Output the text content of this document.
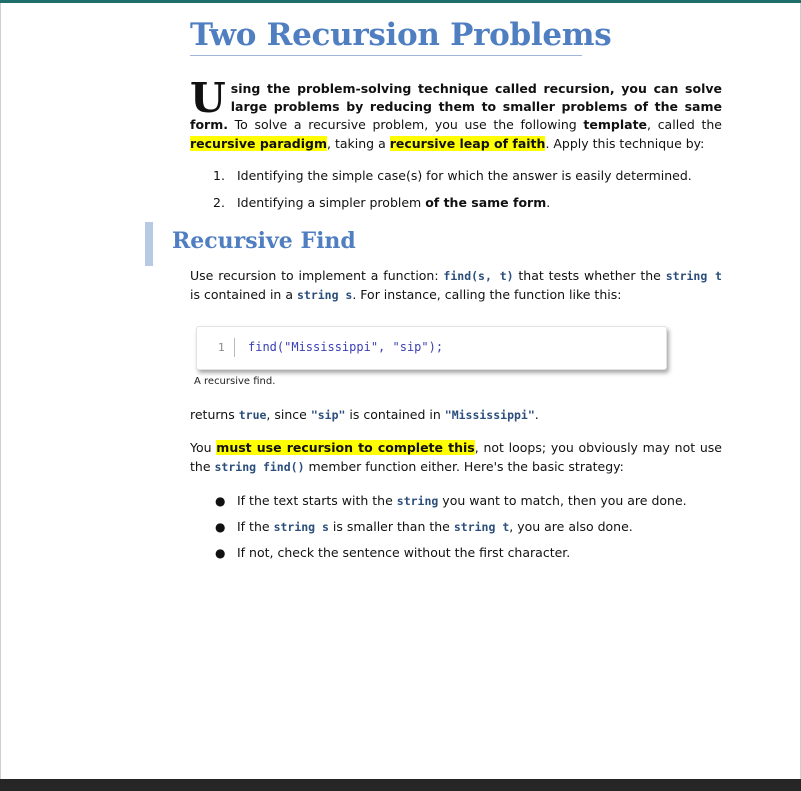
Two Recursion Problems
Using the problem-solving technique called recursion, you can solve large problems by reducing them to smaller problems of the same form. To solve a recursive problem, you use the following template, called the recursive paradigm, taking a recursive leap of faith. Apply this technique by:
1. Identifying the simple case(s) for which the answer is easily determined.
2. Identifying a simpler problem of the same form.
Recursive Find
Use recursion to implement a function: find(s, t) that tests whether the string t is contained in a string s. For instance, calling the function like this:
1 find("Mississippi", "sip");
A recursive find.
returns true, since "sip" is contained in "Mississippi".
You must use recursion to complete this, not loops; you obviously may not use the string find() member function either. Here's the basic strategy:
● If the text starts with the string you want to match, then you are done.
● If the string s is smaller than the string t, you are also done.
● If not, check the sentence without the first character.
